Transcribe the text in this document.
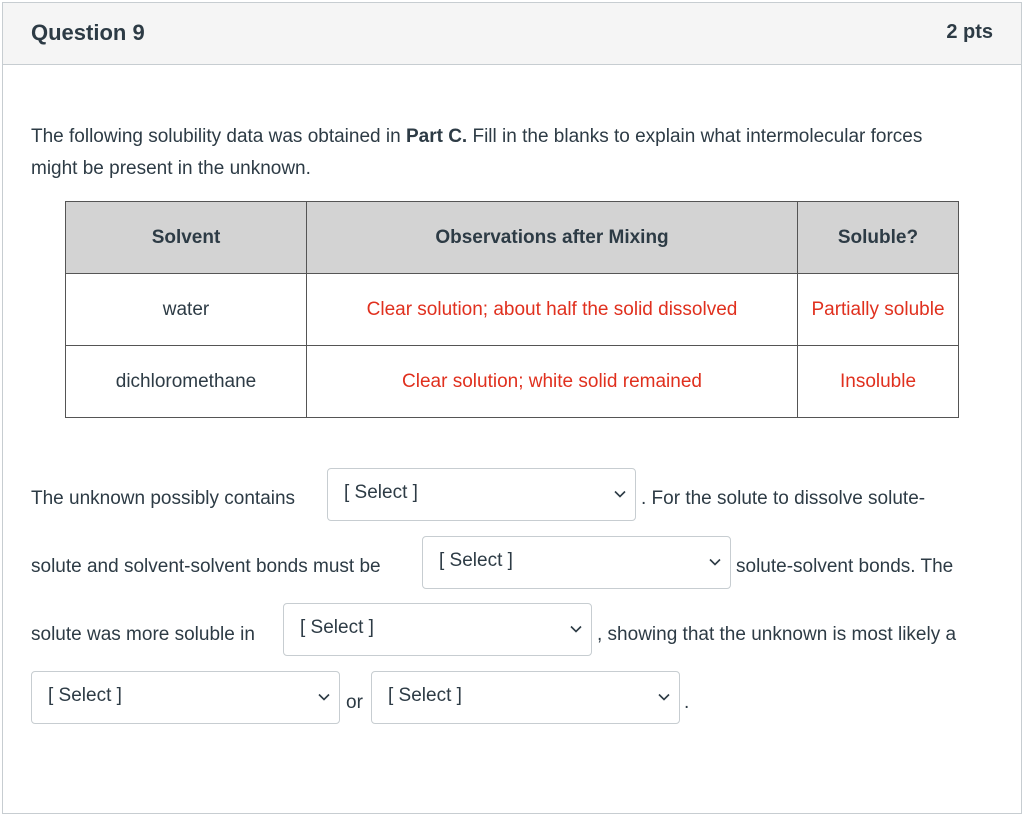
Question 9	2 pts
The following solubility data was obtained in Part C. Fill in the blanks to explain what intermolecular forces might be present in the unknown.
Solvent	Observations after Mixing	Soluble?
water	Clear solution; about half the solid dissolved	Partially soluble
dichloromethane	Clear solution; white solid remained	Insoluble
The unknown possibly contains	[ Select ]	. For the solute to dissolve solute-
solute and solvent-solvent bonds must be	[ Select ]	solute-solvent bonds. The
solute was more soluble in [ Select ]	, showing that the unknown is most likely a
[ Select ]	or [ Select ]	.
